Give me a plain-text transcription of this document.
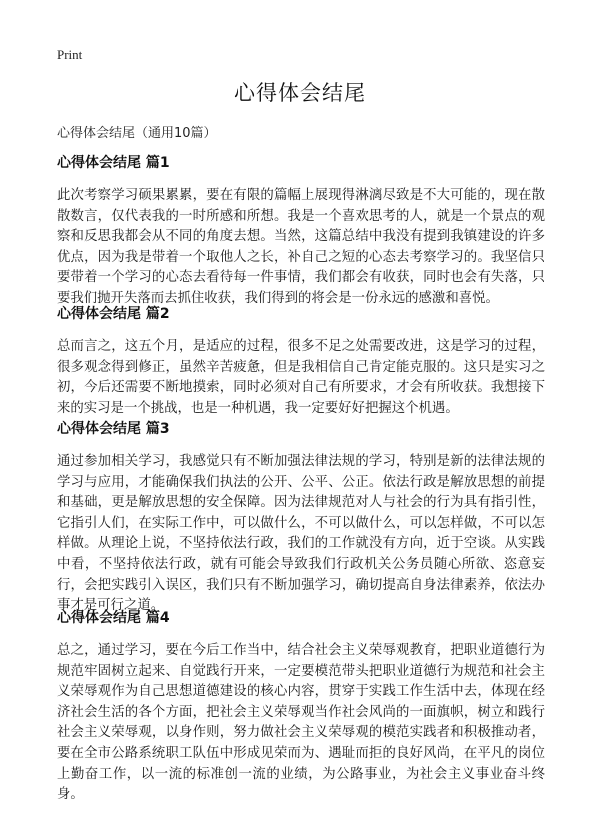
Print
心得体会结尾
心得体会结尾（通用10篇）
心得体会结尾 篇1

此次考察学习硕果累累，要在有限的篇幅上展现得淋漓尽致是不大可能的，现在散散数言，仅代表我的一时所感和所想。我是一个喜欢思考的人，就是一个景点的观察和反思我都会从不同的角度去想。当然，这篇总结中我没有提到我镇建设的许多优点，因为我是带着一个取他人之长，补自己之短的心态去考察学习的。我坚信只要带着一个学习的心态去看待每一件事情，我们都会有收获，同时也会有失落，只要我们抛开失落而去抓住收获，我们得到的将会是一份永远的感激和喜悦。

心得体会结尾 篇2

总而言之，这五个月，是适应的过程，很多不足之处需要改进，这是学习的过程，很多观念得到修正，虽然辛苦疲惫，但是我相信自己肯定能克服的。这只是实习之初，今后还需要不断地摸索，同时必须对自己有所要求，才会有所收获。我想接下来的实习是一个挑战，也是一种机遇，我一定要好好把握这个机遇。

心得体会结尾 篇3

通过参加相关学习，我感觉只有不断加强法律法规的学习，特别是新的法律法规的学习与应用，才能确保我们执法的公开、公平、公正。依法行政是解放思想的前提和基础，更是解放思想的安全保障。因为法律规范对人与社会的行为具有指引性，它指引人们，在实际工作中，可以做什么，不可以做什么，可以怎样做，不可以怎样做。从理论上说，不坚持依法行政，我们的工作就没有方向，近于空谈。从实践中看，不坚持依法行政，就有可能会导致我们行政机关公务员随心所欲、恣意妄行，会把实践引入误区，我们只有不断加强学习，确切提高自身法律素养，依法办事才是可行之道。

心得体会结尾 篇4

总之，通过学习，要在今后工作当中，结合社会主义荣辱观教育，把职业道德行为规范牢固树立起来、自觉践行开来，一定要模范带头把职业道德行为规范和社会主义荣辱观作为自己思想道德建设的核心内容，贯穿于实践工作生活中去，体现在经济社会生活的各个方面，把社会主义荣辱观当作社会风尚的一面旗帜，树立和践行社会主义荣辱观，以身作则，努力做社会主义荣辱观的模范实践者和积极推动者，要在全市公路系统职工队伍中形成见荣而为、遇耻而拒的良好风尚，在平凡的岗位上勤奋工作，以一流的标准创一流的业绩，为公路事业，为社会主义事业奋斗终身。
